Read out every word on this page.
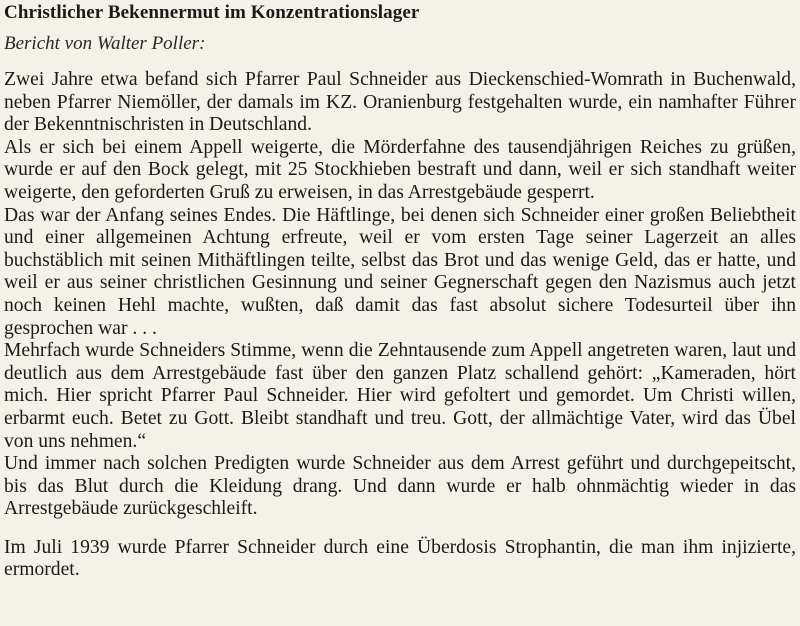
Christlicher Bekennermut im Konzentrationslager
Bericht von Walter Poller:

Zwei Jahre etwa befand sich Pfarrer Paul Schneider aus Dieckenschied-Womrath in Buchenwald, neben Pfarrer Niemöller, der damals im KZ. Oranienburg festgehalten wurde, ein namhafter Führer der Bekenntnischristen in Deutschland.

Als er sich bei einem Appell weigerte, die Mörderfahne des tausendjährigen Reiches zu grüßen, wurde er auf den Bock gelegt, mit 25 Stockhieben bestraft und dann, weil er sich standhaft weiter weigerte, den geforderten Gruß zu erweisen, in das Arrestgebäude gesperrt.

Das war der Anfang seines Endes. Die Häftlinge, bei denen sich Schneider einer großen Beliebtheit und einer allgemeinen Achtung erfreute, weil er vom ersten Tage seiner Lagerzeit an alles buchstäblich mit seinen Mithäftlingen teilte, selbst das Brot und das wenige Geld, das er hatte, und weil er aus seiner christlichen Gesinnung und seiner Gegnerschaft gegen den Nazismus auch jetzt noch keinen Hehl machte, wußten, daß damit das fast absolut sichere Todesurteil über ihn gesprochen war . . .

Mehrfach wurde Schneiders Stimme, wenn die Zehntausende zum Appell angetreten waren, laut und deutlich aus dem Arrestgebäude fast über den ganzen Platz schallend gehört: „Kameraden, hört mich. Hier spricht Pfarrer Paul Schneider. Hier wird gefoltert und gemordet. Um Christi willen, erbarmt euch. Betet zu Gott. Bleibt standhaft und treu. Gott, der allmächtige Vater, wird das Übel von uns nehmen.“

Und immer nach solchen Predigten wurde Schneider aus dem Arrest geführt und durchgepeitscht, bis das Blut durch die Kleidung drang. Und dann wurde er halb ohnmächtig wieder in das Arrestgebäude zurückgeschleift.

Im Juli 1939 wurde Pfarrer Schneider durch eine Überdosis Strophantin, die man ihm injizierte, ermordet.
